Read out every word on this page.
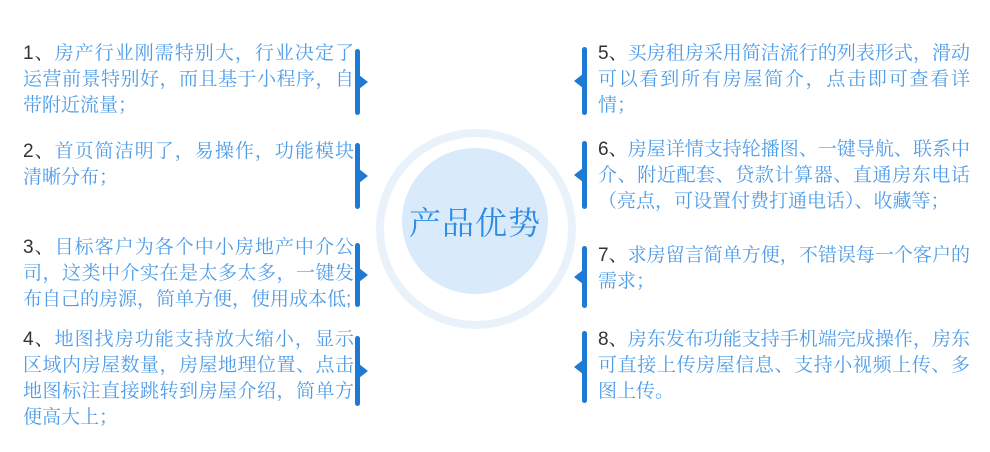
1、房产行业刚需特别大，行业决定了运营前景特别好，而且基于小程序，自带附近流量；
2、首页简洁明了，易操作，功能模块清晰分布；
3、目标客户为各个中小房地产中介公司，这类中介实在是太多太多，一键发布自己的房源，简单方便，使用成本低;
4、地图找房功能支持放大缩小，显示区域内房屋数量，房屋地理位置、点击地图标注直接跳转到房屋介绍，简单方便高大上；
产品优势
5、买房租房采用简洁流行的列表形式，滑动可以看到所有房屋简介，点击即可查看详情；
6、房屋详情支持轮播图、一键导航、联系中介、附近配套、贷款计算器、直通房东电话（亮点，可设置付费打通电话）、收藏等；
7、求房留言简单方便，不错误每一个客户的需求；
8、房东发布功能支持手机端完成操作，房东可直接上传房屋信息、支持小视频上传、多图上传。
